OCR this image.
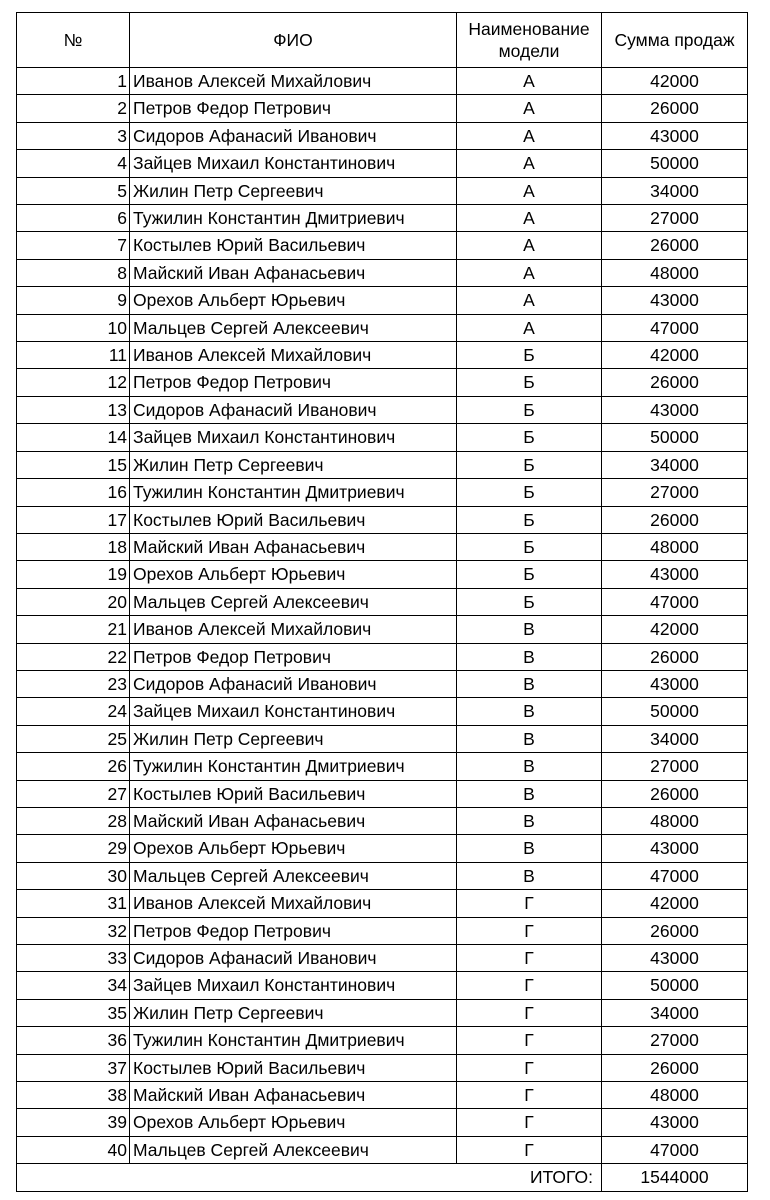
№	ФИО	Наименование модели	Сумма продаж
1	Иванов Алексей Михайлович	А	42000
2	Петров Федор Петрович	А	26000
3	Сидоров Афанасий Иванович	А	43000
4	Зайцев Михаил Константинович	А	50000
5	Жилин Петр Сергеевич	А	34000
6	Тужилин Константин Дмитриевич	А	27000
7	Костылев Юрий Васильевич	А	26000
8	Майский Иван Афанасьевич	А	48000
9	Орехов Альберт Юрьевич	А	43000
10	Мальцев Сергей Алексеевич	А	47000
11	Иванов Алексей Михайлович	Б	42000
12	Петров Федор Петрович	Б	26000
13	Сидоров Афанасий Иванович	Б	43000
14	Зайцев Михаил Константинович	Б	50000
15	Жилин Петр Сергеевич	Б	34000
16	Тужилин Константин Дмитриевич	Б	27000
17	Костылев Юрий Васильевич	Б	26000
18	Майский Иван Афанасьевич	Б	48000
19	Орехов Альберт Юрьевич	Б	43000
20	Мальцев Сергей Алексеевич	Б	47000
21	Иванов Алексей Михайлович	В	42000
22	Петров Федор Петрович	В	26000
23	Сидоров Афанасий Иванович	В	43000
24	Зайцев Михаил Константинович	В	50000
25	Жилин Петр Сергеевич	В	34000
26	Тужилин Константин Дмитриевич	В	27000
27	Костылев Юрий Васильевич	В	26000
28	Майский Иван Афанасьевич	В	48000
29	Орехов Альберт Юрьевич	В	43000
30	Мальцев Сергей Алексеевич	В	47000
31	Иванов Алексей Михайлович	Г	42000
32	Петров Федор Петрович	Г	26000
33	Сидоров Афанасий Иванович	Г	43000
34	Зайцев Михаил Константинович	Г	50000
35	Жилин Петр Сергеевич	Г	34000
36	Тужилин Константин Дмитриевич	Г	27000
37	Костылев Юрий Васильевич	Г	26000
38	Майский Иван Афанасьевич	Г	48000
39	Орехов Альберт Юрьевич	Г	43000
40	Мальцев Сергей Алексеевич	Г	47000
ИТОГО:			1544000
